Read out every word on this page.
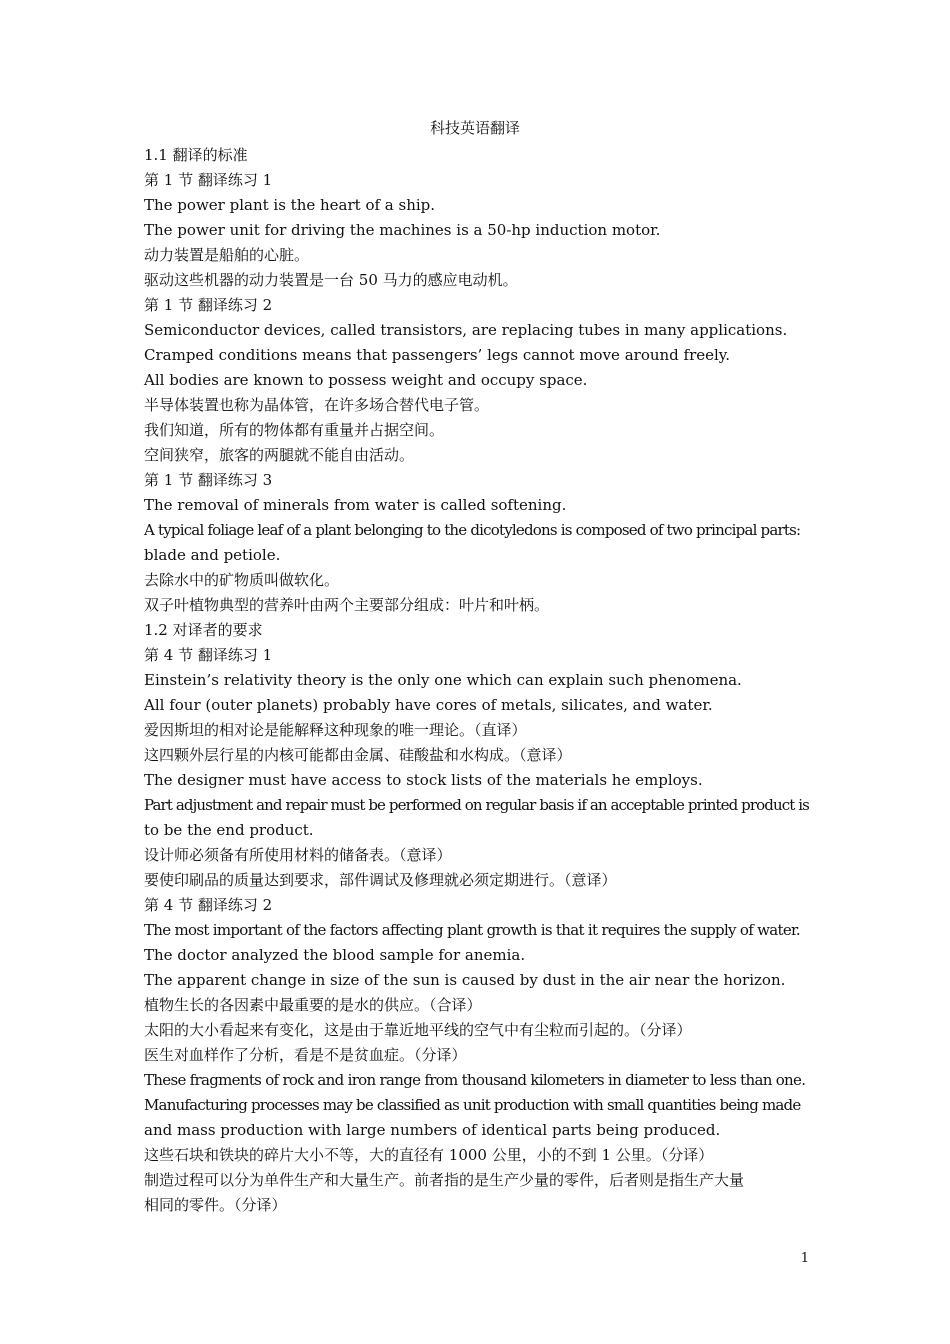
科技英语翻译
1.1 翻译的标准
第 1 节 翻译练习 1
The power plant is the heart of a ship.
The power unit for driving the machines is a 50-hp induction motor.
动力装置是船舶的心脏。
驱动这些机器的动力装置是一台 50 马力的感应电动机。
第 1 节 翻译练习 2
Semiconductor devices, called transistors, are replacing tubes in many applications.
Cramped conditions means that passengers’ legs cannot move around freely.
All bodies are known to possess weight and occupy space.
半导体装置也称为晶体管，在许多场合替代电子管。
我们知道，所有的物体都有重量并占据空间。
空间狭窄，旅客的两腿就不能自由活动。
第 1 节 翻译练习 3
The removal of minerals from water is called softening.
A typical foliage leaf of a plant belonging to the dicotyledons is composed of two principal parts:
blade and petiole.
去除水中的矿物质叫做软化。
双子叶植物典型的营养叶由两个主要部分组成：叶片和叶柄。
1.2 对译者的要求
第 4 节 翻译练习 1
Einstein’s relativity theory is the only one which can explain such phenomena.
All four (outer planets) probably have cores of metals, silicates, and water.
爱因斯坦的相对论是能解释这种现象的唯一理论。（直译）
这四颗外层行星的内核可能都由金属、硅酸盐和水构成。（意译）
The designer must have access to stock lists of the materials he employs.
Part adjustment and repair must be performed on regular basis if an acceptable printed product is
to be the end product.
设计师必须备有所使用材料的储备表。（意译）
要使印刷品的质量达到要求，部件调试及修理就必须定期进行。（意译）
第 4 节 翻译练习 2
The most important of the factors affecting plant growth is that it requires the supply of water.
The doctor analyzed the blood sample for anemia.
The apparent change in size of the sun is caused by dust in the air near the horizon.
植物生长的各因素中最重要的是水的供应。（合译）
太阳的大小看起来有变化，这是由于靠近地平线的空气中有尘粒而引起的。（分译）
医生对血样作了分析，看是不是贫血症。（分译）
These fragments of rock and iron range from thousand kilometers in diameter to less than one.
Manufacturing processes may be classified as unit production with small quantities being made
and mass production with large numbers of identical parts being produced.
这些石块和铁块的碎片大小不等，大的直径有 1000 公里，小的不到 1 公里。（分译）
制造过程可以分为单件生产和大量生产。前者指的是生产少量的零件，后者则是指生产大量
相同的零件。（分译）
1
